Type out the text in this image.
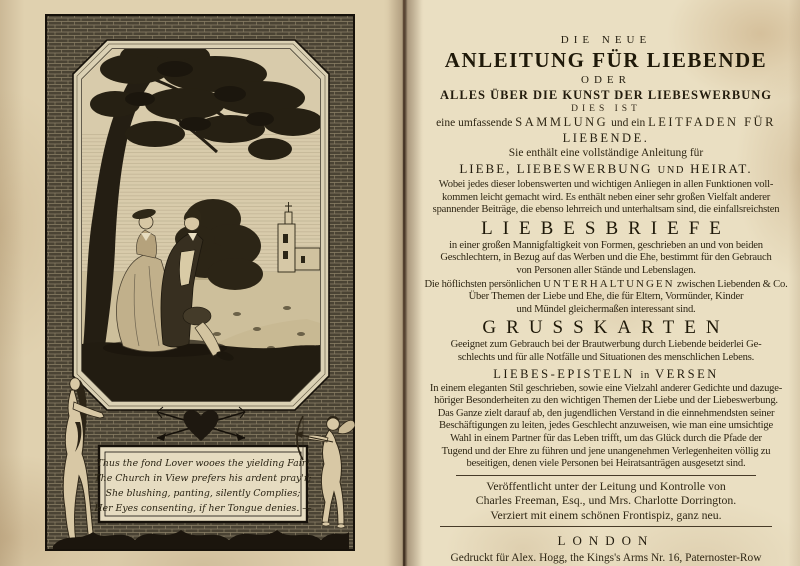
Thus the fond Lover wooes the yielding Fair;
The Church in View prefers his ardent pray'r;
She blushing, panting, silently Complies;
Her Eyes consenting, if her Tongue denies. —
DIE NEUE
ANLEITUNG FÜR LIEBENDE
ODER
ALLES ÜBER DIE KUNST DER LIEBESWERBUNG
DIES IST
eine umfassende SAMMLUNG und ein LEITFADEN FÜR
LIEBENDE.
Sie enthält eine vollständige Anleitung für
LIEBE, LIEBESWERBUNG UND HEIRAT.
Wobei jedes dieser lobenswerten und wichtigen Anliegen in allen Funktionen voll-
kommen leicht gemacht wird. Es enthält neben einer sehr großen Vielfalt anderer
spannender Beiträge, die ebenso lehrreich und unterhaltsam sind, die einfallsreichsten
LIEBESBRIEFE
in einer großen Mannigfaltigkeit von Formen, geschrieben an und von beiden
Geschlechtern, in Bezug auf das Werben und die Ehe, bestimmt für den Gebrauch
von Personen aller Stände und Lebenslagen.
Die höflichsten persönlichen UNTERHALTUNGEN zwischen Liebenden & Co.
Über Themen der Liebe und Ehe, die für Eltern, Vormünder, Kinder
und Mündel gleichermaßen interessant sind.
GRUSSKARTEN
Geeignet zum Gebrauch bei der Brautwerbung durch Liebende beiderlei Ge-
schlechts und für alle Notfälle und Situationen des menschlichen Lebens.
LIEBES-EPISTELN in VERSEN
In einem eleganten Stil geschrieben, sowie eine Vielzahl anderer Gedichte und dazuge-
höriger Besonderheiten zu den wichtigen Themen der Liebe und der Liebeswerbung.
Das Ganze zielt darauf ab, den jugendlichen Verstand in die einnehmendsten seiner
Beschäftigungen zu leiten, jedes Geschlecht anzuweisen, wie man eine umsichtige
Wahl in einem Partner für das Leben trifft, um das Glück durch die Pfade der
Tugend und der Ehre zu führen und jene unangenehmen Verlegenheiten völlig zu
beseitigen, denen viele Personen bei Heiratsanträgen ausgesetzt sind.
Veröffentlicht unter der Leitung und Kontrolle von
Charles Freeman, Esq., und Mrs. Charlotte Dorrington.
Verziert mit einem schönen Frontispiz, ganz neu.
LONDON
Gedruckt für Alex. Hogg, the Kings's Arms Nr. 16, Paternoster-Row
